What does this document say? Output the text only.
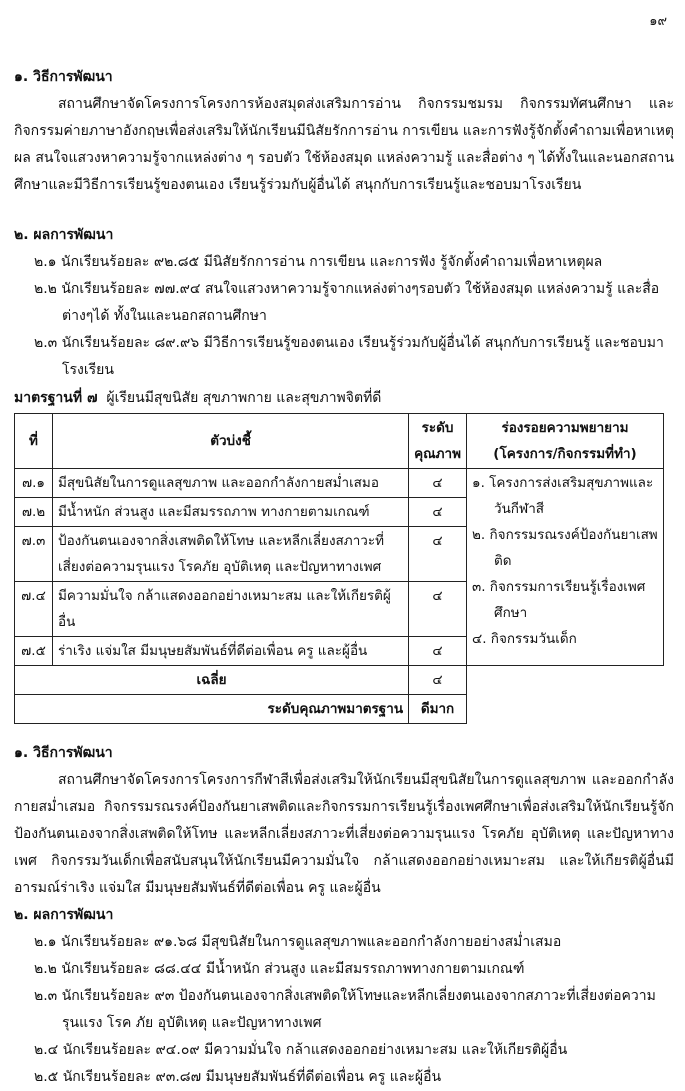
๑๙
๑. วิธีการพัฒนา
สถานศึกษาจัดโครงการโครงการห้องสมุดส่งเสริมการอ่าน กิจกรรมชมรม กิจกรรมทัศนศึกษา และกิจกรรมค่ายภาษาอังกฤษเพื่อส่งเสริมให้นักเรียนมีนิสัยรักการอ่าน การเขียน และการฟังรู้จักตั้งคำถามเพื่อหาเหตุผล สนใจแสวงหาความรู้จากแหล่งต่าง ๆ รอบตัว ใช้ห้องสมุด แหล่งความรู้ และสื่อต่าง ๆ ได้ทั้งในและนอกสถานศึกษาและมีวิธีการเรียนรู้ของตนเอง เรียนรู้ร่วมกับผู้อื่นได้ สนุกกับการเรียนรู้และชอบมาโรงเรียน
๒. ผลการพัฒนา
๒.๑ นักเรียนร้อยละ ๙๒.๘๕ มีนิสัยรักการอ่าน การเขียน และการฟัง รู้จักตั้งคำถามเพื่อหาเหตุผล
๒.๒ นักเรียนร้อยละ ๗๗.๙๔ สนใจแสวงหาความรู้จากแหล่งต่างๆรอบตัว ใช้ห้องสมุด แหล่งความรู้ และสื่อต่างๆได้ ทั้งในและนอกสถานศึกษา
๒.๓ นักเรียนร้อยละ ๘๙.๙๖ มีวิธีการเรียนรู้ของตนเอง เรียนรู้ร่วมกับผู้อื่นได้ สนุกกับการเรียนรู้ และชอบมาโรงเรียน
มาตรฐานที่ ๗ ผู้เรียนมีสุขนิสัย สุขภาพกาย และสุขภาพจิตที่ดี
ที่	ตัวบ่งชี้	ระดับคุณภาพ	ร่องรอยความพยายาม (โครงการ/กิจกรรมที่ทำ)
๗.๑	มีสุขนิสัยในการดูแลสุขภาพ และออกกำลังกายสม่ำเสมอ	๔	๑. โครงการส่งเสริมสุขภาพและวันกีฬาสี
๒. กิจกรรมรณรงค์ป้องกันยาเสพติด
๓. กิจกรรมการเรียนรู้เรื่องเพศศึกษา
๔. กิจกรรมวันเด็ก

๗.๒	มีน้ำหนัก ส่วนสูง และมีสมรรถภาพ ทางกายตามเกณฑ์	๔	
๗.๓	ป้องกันตนเองจากสิ่งเสพติดให้โทษ และหลีกเลี่ยงสภาวะที่เสี่ยงต่อความรุนแรง โรคภัย อุบัติเหตุ และปัญหาทางเพศ	๔	
๗.๔	มีความมั่นใจ กล้าแสดงออกอย่างเหมาะสม และให้เกียรติผู้อื่น	๔	
๗.๕	ร่าเริง แจ่มใส มีมนุษยสัมพันธ์ที่ดีต่อเพื่อน ครู และผู้อื่น	๔	
เฉลี่ย		๔	
ระดับคุณภาพมาตรฐาน		ดีมาก	
๑. วิธีการพัฒนา
สถานศึกษาจัดโครงการโครงการกีฬาสีเพื่อส่งเสริมให้นักเรียนมีสุขนิสัยในการดูแลสุขภาพ และออกกำลังกายสม่ำเสมอ กิจกรรมรณรงค์ป้องกันยาเสพติดและกิจกรรมการเรียนรู้เรื่องเพศศึกษาเพื่อส่งเสริมให้นักเรียนรู้จักป้องกันตนเองจากสิ่งเสพติดให้โทษ และหลีกเลี่ยงสภาวะที่เสี่ยงต่อความรุนแรง โรคภัย อุบัติเหตุ และปัญหาทางเพศ กิจกรรมวันเด็กเพื่อสนับสนุนให้นักเรียนมีความมั่นใจ กล้าแสดงออกอย่างเหมาะสม และให้เกียรติผู้อื่นมีอารมณ์ร่าเริง แจ่มใส มีมนุษยสัมพันธ์ที่ดีต่อเพื่อน ครู และผู้อื่น
๒. ผลการพัฒนา
๒.๑ นักเรียนร้อยละ ๙๑.๖๘ มีสุขนิสัยในการดูแลสุขภาพและออกกำลังกายอย่างสม่ำเสมอ
๒.๒ นักเรียนร้อยละ ๘๘.๔๔ มีน้ำหนัก ส่วนสูง และมีสมรรถภาพทางกายตามเกณฑ์
๒.๓ นักเรียนร้อยละ ๙๓ ป้องกันตนเองจากสิ่งเสพติดให้โทษและหลีกเลี่ยงตนเองจากสภาวะที่เสี่ยงต่อความรุนแรง โรค ภัย อุบัติเหตุ และปัญหาทางเพศ
๒.๔ นักเรียนร้อยละ ๙๔.๐๙ มีความมั่นใจ กล้าแสดงออกอย่างเหมาะสม และให้เกียรติผู้อื่น
๒.๕ นักเรียนร้อยละ ๙๓.๘๗ มีมนุษยสัมพันธ์ที่ดีต่อเพื่อน ครู และผู้อื่น
